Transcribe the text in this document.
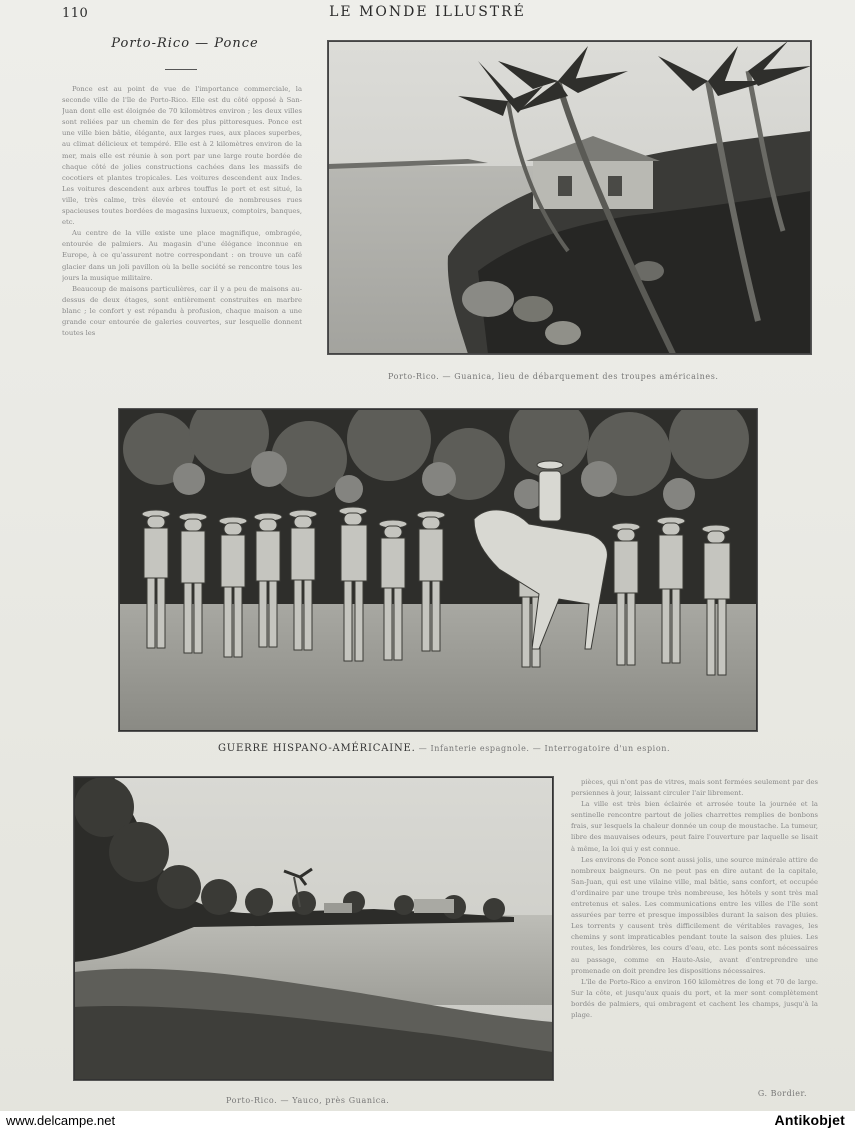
110	LE MONDE ILLUSTRÉ
Porto-Rico — Ponce

Ponce est au point de vue de l'importance commerciale, la seconde ville de l'île de Porto-Rico. Elle est du côté opposé à San-Juan dont elle est éloignée de 70 kilomètres environ ; les deux villes sont reliées par un chemin de fer des plus pittoresques. Ponce est une ville bien bâtie, élégante, aux larges rues, aux places superbes, au climat délicieux et tempéré. Elle est à 2 kilomètres environ de la mer, mais elle est réunie à son port par une large route bordée de chaque côté de jolies constructions cachées dans les massifs de cocotiers et plantes tropicales. Les voitures descendent aux Indes. Les voitures descendent aux arbres touffus le port et est situé, la ville, très calme, très élevée et entouré de nombreuses rues spacieuses toutes bordées de magasins luxueux, comptoirs, banques, etc.

Au centre de la ville existe une place magnifique, ombragée, entourée de palmiers. Au magasin d'une élégance inconnue en Europe, à ce qu'assurent notre correspondant : on trouve un café glacier dans un joli pavillon où la belle société se rencontre tous les jours la musique militaire.

Beaucoup de maisons particulières, car il y a peu de maisons au-dessus de deux étages, sont entièrement construites en marbre blanc ; le confort y est répandu à profusion, chaque maison a une grande cour entourée de galeries couvertes, sur lesquelle donnent toutes les

Porto-Rico. — Guanica, lieu de débarquement des troupes américaines.
GUERRE HISPANO-AMÉRICAINE. — Infanterie espagnole. — Interrogatoire d'un espion.
Porto-Rico. — Yauco, près Guanica.

pièces, qui n'ont pas de vitres, mais sont fermées seulement par des persiennes à jour, laissant circuler l'air librement.

La ville est très bien éclairée et arrosée toute la journée et la sentinelle rencontre partout de jolies charrettes remplies de bonbons frais, sur lesquels la chaleur donnée un coup de moustache. La tumeur, libre des mauvaises odeurs, peut faire l'ouverture par laquelle se lisait à même, la loi qui y est connue.

Les environs de Ponce sont aussi jolis, une source minérale attire de nombreux baigneurs. On ne peut pas en dire autant de la capitale, San-Juan, qui est une vilaine ville, mal bâtie, sans confort, et occupée d'ordinaire par une troupe très nombreuse, les hôtels y sont très mal entretenus et sales. Les communications entre les villes de l'île sont assurées par terre et presque impossibles durant la saison des pluies. Les torrents y causent très difficilement de véritables ravages, les chemins y sont impraticables pendant toute la saison des pluies. Les routes, les fondrières, les cours d'eau, etc. Les ponts sont nécessaires au passage, comme en Haute-Asie, avant d'entreprendre une promenade on doit prendre les dispositions nécessaires.

L'île de Porto-Rico a environ 160 kilomètres de long et 70 de large. Sur la côte, et jusqu'aux quais du port, et la mer sont complètement bordés de palmiers, qui ombragent et cachent les champs, jusqu'à la plage.

G. Bordier.
www.delcampe.net	Antikobjet
